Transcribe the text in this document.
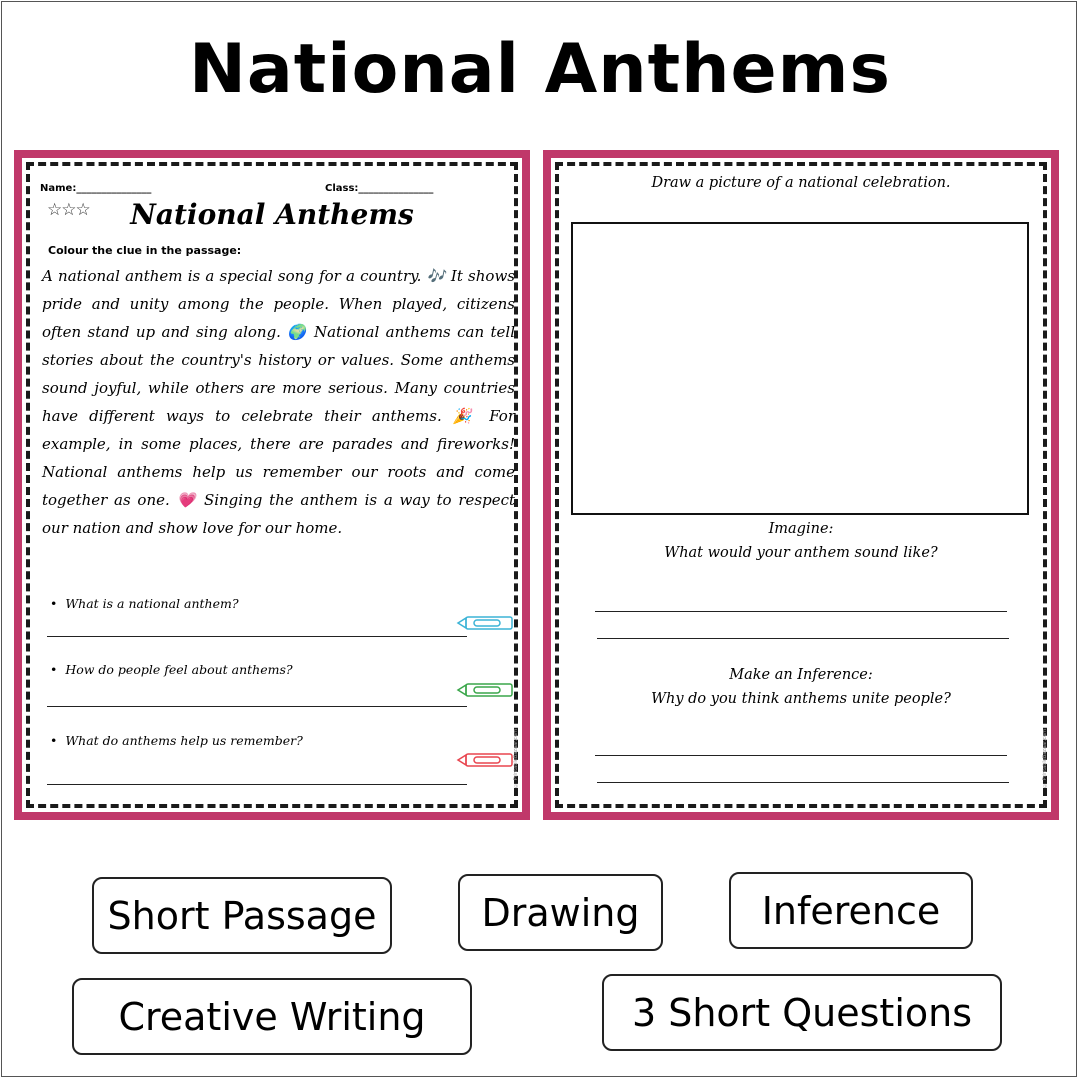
National Anthems
Name:_______________	Class:_______________
☆☆☆	National Anthems
Colour the clue in the passage:
A national anthem is a special song for a country. 🎶 It shows pride and unity among the people. When played, citizens often stand up and sing along. 🌍 National anthems can tell stories about the country's history or values. Some anthems sound joyful, while others are more serious. Many countries have different ways to celebrate their anthems. 🎉 For example, in some places, there are parades and fireworks! National anthems help us remember our roots and come together as one. 💗 Singing the anthem is a way to respect our nation and show love for our home.
•  What is a national anthem?
•  How do people feel about anthems?
•  What do anthems help us remember?	© PrintableBazaar.com
Draw a picture of a national celebration.
Imagine:
What would your anthem sound like?
Make an Inference:
Why do you think anthems unite people?
© PrintableBazaar.com
Short Passage	Drawing	Inference
Creative Writing	3 Short Questions
